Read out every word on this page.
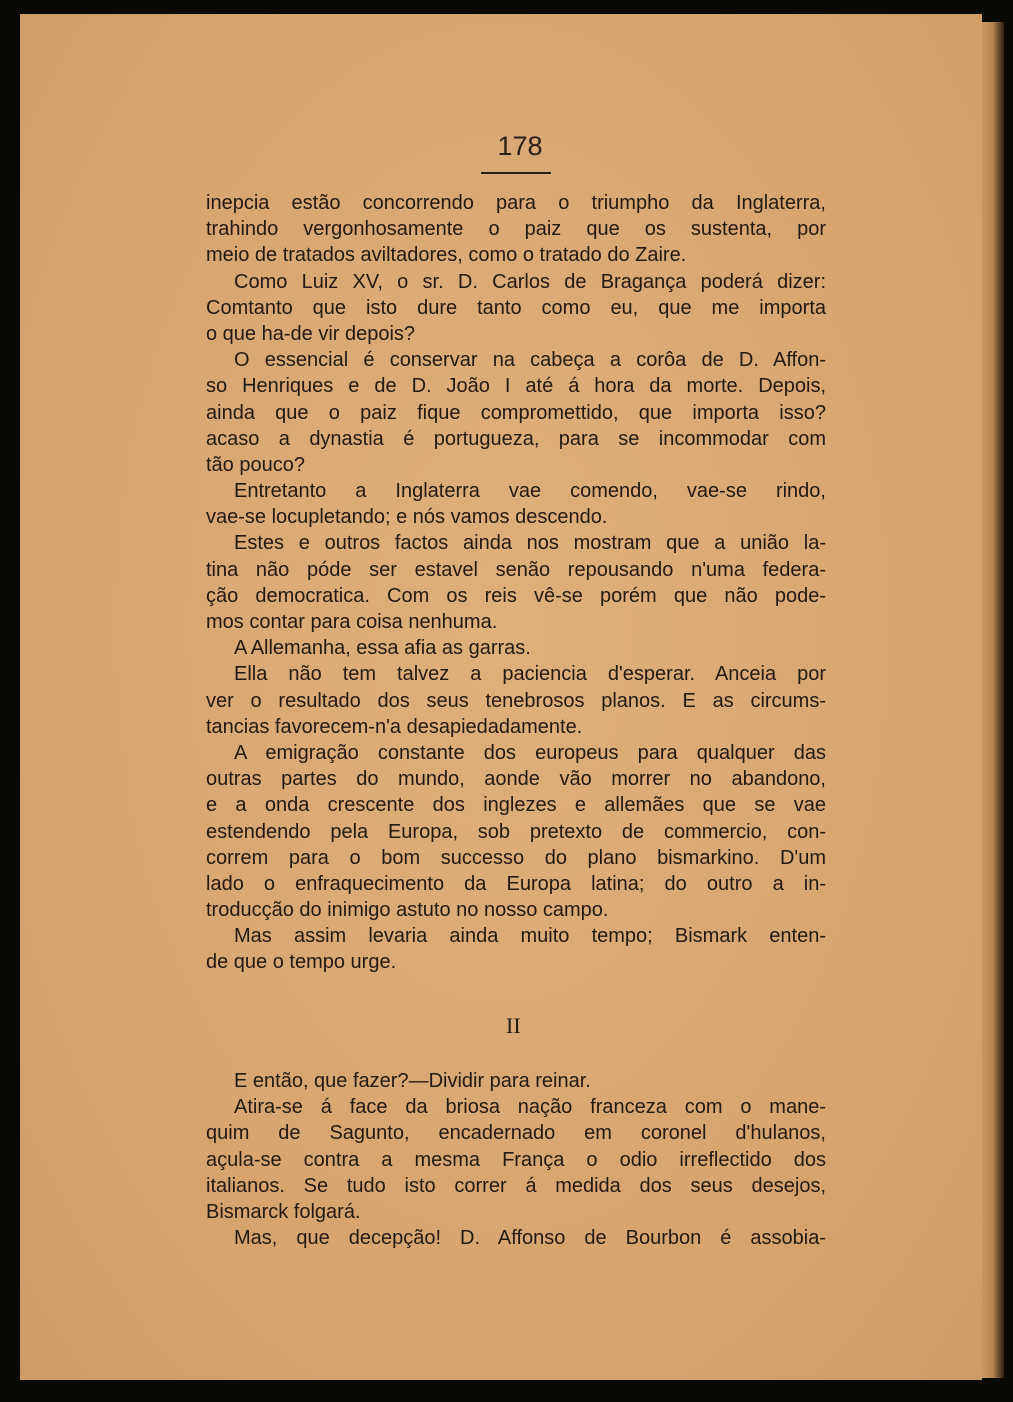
178
inepcia estão concorrendo para o triumpho da Inglaterra,
trahindo vergonhosamente o paiz que os sustenta, por
meio de tratados aviltadores, como o tratado do Zaire.
Como Luiz XV, o sr. D. Carlos de Bragança poderá dizer:
Comtanto que isto dure tanto como eu, que me importa
o que ha-de vir depois?
O essencial é conservar na cabeça a corôa de D. Affon-
so Henriques e de D. João I até á hora da morte. Depois,
ainda que o paiz fique compromettido, que importa isso?
acaso a dynastia é portugueza, para se incommodar com
tão pouco?
Entretanto a Inglaterra vae comendo, vae-se rindo,
vae-se locupletando; e nós vamos descendo.
Estes e outros factos ainda nos mostram que a união la-
tina não póde ser estavel senão repousando n'uma federa-
ção democratica. Com os reis vê-se porém que não pode-
mos contar para coisa nenhuma.
A Allemanha, essa afia as garras.
Ella não tem talvez a paciencia d'esperar. Anceia por
ver o resultado dos seus tenebrosos planos. E as circums-
tancias favorecem-n'a desapiedadamente.
A emigração constante dos europeus para qualquer das
outras partes do mundo, aonde vão morrer no abandono,
e a onda crescente dos inglezes e allemães que se vae
estendendo pela Europa, sob pretexto de commercio, con-
correm para o bom successo do plano bismarkino. D'um
lado o enfraquecimento da Europa latina; do outro a in-
troducção do inimigo astuto no nosso campo.
Mas assim levaria ainda muito tempo; Bismark enten-
de que o tempo urge.
II
E então, que fazer?—Dividir para reinar.
Atira-se á face da briosa nação franceza com o mane-
quim de Sagunto, encadernado em coronel d'hulanos,
açula-se contra a mesma França o odio irreflectido dos
italianos. Se tudo isto correr á medida dos seus desejos,
Bismarck folgará.
Mas, que decepção! D. Affonso de Bourbon é assobia-
